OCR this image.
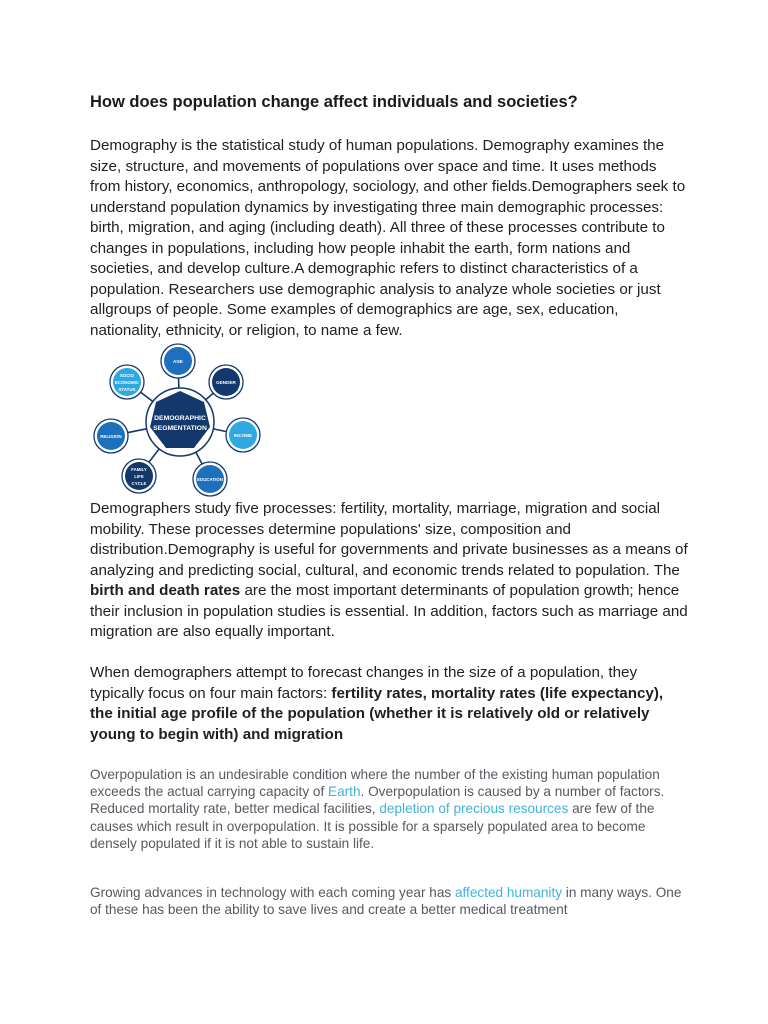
How does population change affect individuals and societies?

Demography is the statistical study of human populations. Demography examines the size, structure, and movements of populations over space and time. It uses methods from history, economics, anthropology, sociology, and other fields.Demographers seek to understand population dynamics by investigating three main demographic processes: birth, migration, and aging (including death). All three of these processes contribute to changes in populations, including how people inhabit the earth, form nations and societies, and develop culture.A demographic refers to distinct characteristics of a population. Researchers use demographic analysis to analyze whole societies or just allgroups of people. Some examples of demographics are age, sex, education, nationality, ethnicity, or religion, to name a few.

Demographers study five processes: fertility, mortality, marriage, migration and social mobility. These processes determine populations' size, composition and distribution.Demography is useful for governments and private businesses as a means of analyzing and predicting social, cultural, and economic trends related to population. The birth and death rates are the most important determinants of population growth; hence their inclusion in population studies is essential. In addition, factors such as marriage and migration are also equally important.

When demographers attempt to forecast changes in the size of a population, they typically focus on four main factors: fertility rates, mortality rates (life expectancy), the initial age profile of the population (whether it is relatively old or relatively young to begin with) and migration

Overpopulation is an undesirable condition where the number of the existing human population exceeds the actual carrying capacity of Earth. Overpopulation is caused by a number of factors. Reduced mortality rate, better medical facilities, depletion of precious resources are few of the causes which result in overpopulation. It is possible for a sparsely populated area to become densely populated if it is not able to sustain life.

Growing advances in technology with each coming year has affected humanity in many ways. One of these has been the ability to save lives and create a better medical treatment

DEMOGRAPHIC
SEGMENTATION
AGE
GENDER
INCOME
EDUCATION
FAMILY
LIFE
CYCLE
RELIGION
SOCIO
ECONOMIC
STATUS
